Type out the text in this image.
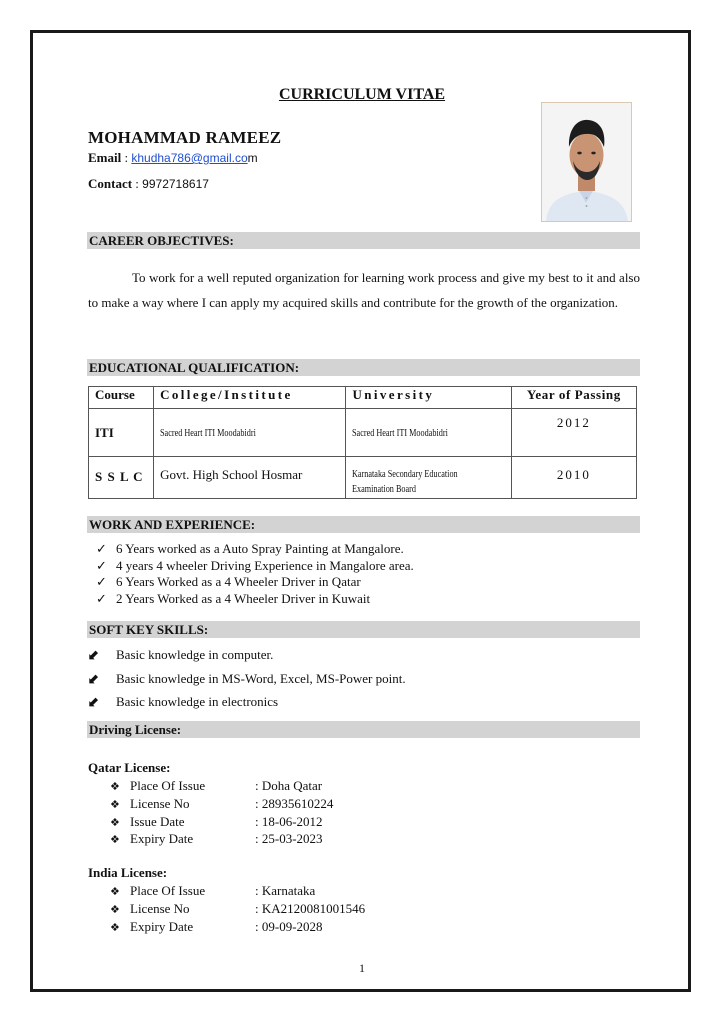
CURRICULUM VITAE
MOHAMMAD RAMEEZ
Email : khudha786@gmail.com
Contact : 9972718617
CAREER OBJECTIVES:
To work for a well reputed organization for learning work process and give my best to it and also to make a way where I can apply my acquired skills and contribute for the growth of the organization.
EDUCATIONAL QUALIFICATION:
Course	College/Institute	University	Year of Passing
ITI	Sacred Heart ITI Moodabidri	Sacred Heart ITI Moodabidri	2012
S S L C	Govt. High School Hosmar	Karnataka Secondary Education Examination Board	2010
WORK AND EXPERIENCE:
✓ 6 Years worked as a Auto Spray Painting at Mangalore.
✓ 4 years 4 wheeler Driving Experience in Mangalore area.
✓ 6 Years Worked as a 4 Wheeler Driver in Qatar
✓ 2 Years Worked as a 4 Wheeler Driver in Kuwait
SOFT KEY SKILLS:
⬋ Basic knowledge in computer.
⬋ Basic knowledge in MS-Word, Excel, MS-Power point.
⬋ Basic knowledge in electronics
Driving License:
Qatar License:
❖ Place Of Issue	: Doha Qatar
❖ License No	: 28935610224
❖ Issue Date	: 18-06-2012
❖ Expiry Date	: 25-03-2023
India License:
❖ Place Of Issue	: Karnataka
❖ License No	: KA2120081001546
❖ Expiry Date	: 09-09-2028
1
